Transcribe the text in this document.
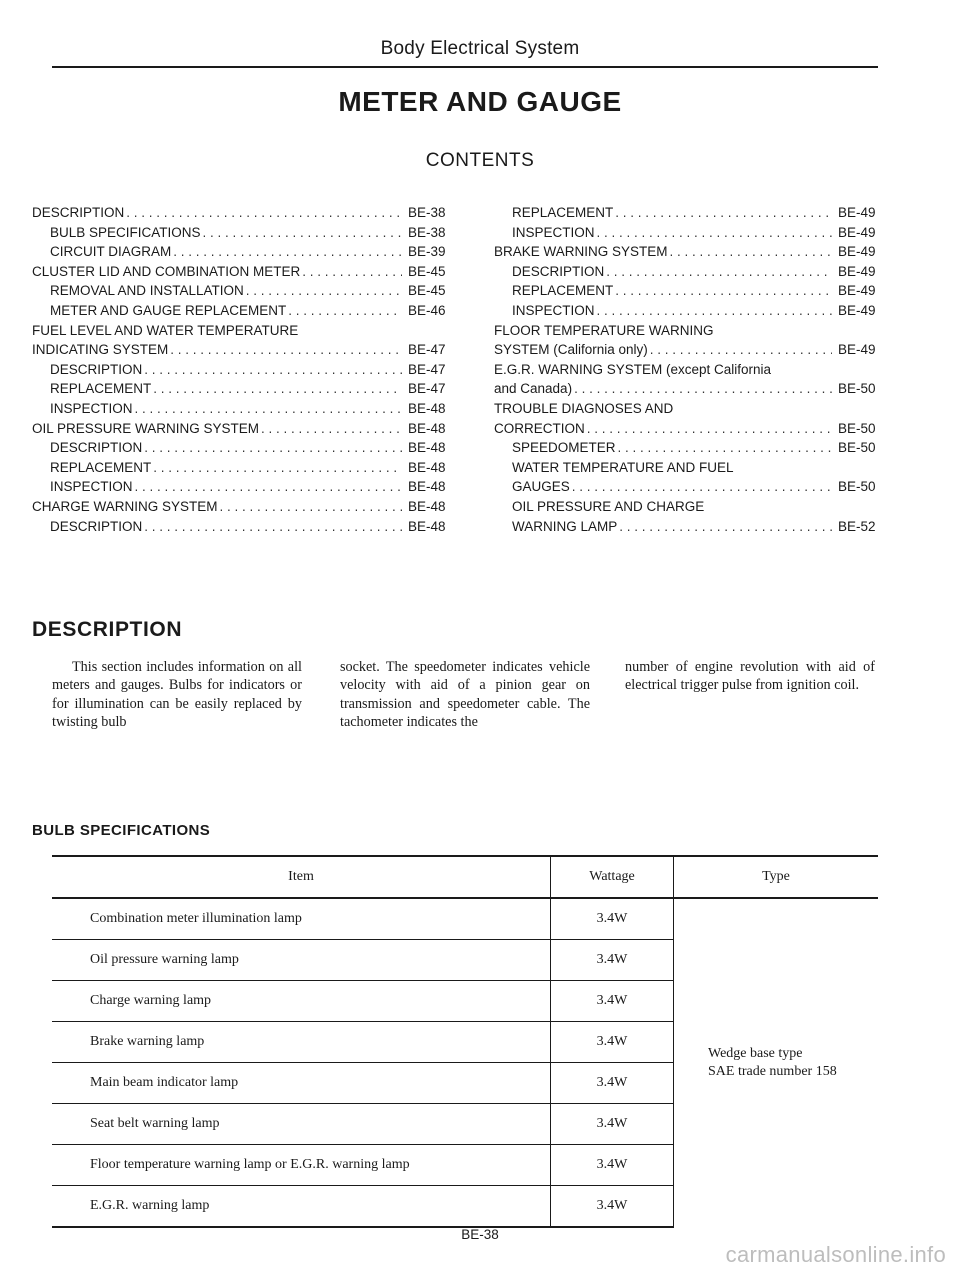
Body Electrical System
METER AND GAUGE
CONTENTS
DESCRIPTION . . .	BE-38
BULB SPECIFICATIONS . . .	BE-38
CIRCUIT DIAGRAM . . .	BE-39
CLUSTER LID AND COMBINATION METER . . .	BE-45
REMOVAL AND INSTALLATION . . .	BE-45
METER AND GAUGE REPLACEMENT . . .	BE-46
FUEL LEVEL AND WATER TEMPERATURE
INDICATING SYSTEM . . .	BE-47
DESCRIPTION . . .	BE-47
REPLACEMENT . . .	BE-47
INSPECTION . . .	BE-48
OIL PRESSURE WARNING SYSTEM . . .	BE-48
DESCRIPTION . . .	BE-48
REPLACEMENT . . .	BE-48
INSPECTION . . .	BE-48
CHARGE WARNING SYSTEM . . .	BE-48
DESCRIPTION . . .	BE-48
REPLACEMENT . . .	BE-49
INSPECTION . . .	BE-49
BRAKE WARNING SYSTEM . . .	BE-49
DESCRIPTION . . .	BE-49
REPLACEMENT . . .	BE-49
INSPECTION . . .	BE-49
FLOOR TEMPERATURE WARNING
SYSTEM (California only) . . .	BE-49
E.G.R. WARNING SYSTEM (except California
and Canada) . . .	BE-50
TROUBLE DIAGNOSES AND
CORRECTION . . .	BE-50
SPEEDOMETER . . .	BE-50
WATER TEMPERATURE AND FUEL
GAUGES . . .	BE-50
OIL PRESSURE AND CHARGE
WARNING LAMP . . .	BE-52
DESCRIPTION
This section includes information on all meters and gauges. Bulbs for indicators or for illumination can be easily replaced by twisting bulb
socket. The speedometer indicates vehicle velocity with aid of a pinion gear on transmission and speedometer cable. The tachometer indicates the
number of engine revolution with aid of electrical trigger pulse from ignition coil.
BULB SPECIFICATIONS
Item	Wattage	Type
Combination meter illumination lamp	3.4W	Wedge base type
SAE trade number 158

Oil pressure warning lamp	3.4W	
Charge warning lamp	3.4W	
Brake warning lamp	3.4W	
Main beam indicator lamp	3.4W	
Seat belt warning lamp	3.4W	
Floor temperature warning lamp or E.G.R. warning lamp	3.4W	
E.G.R. warning lamp	3.4W	
BE-38
carmanualsonline.info
